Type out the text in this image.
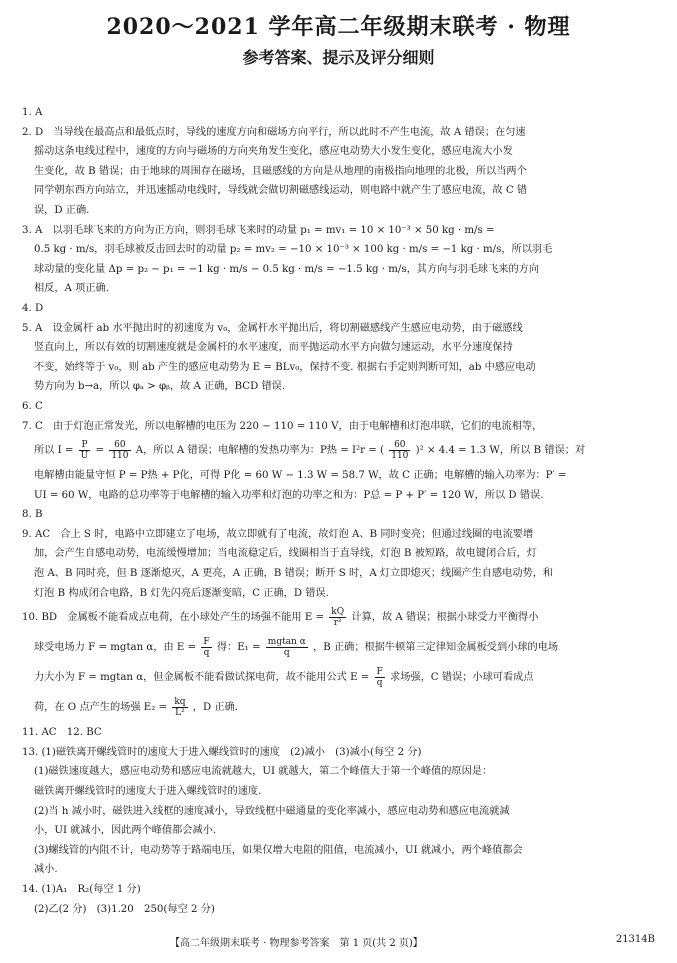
2020～2021 学年高二年级期末联考 · 物理
参考答案、提示及评分细则
1. A
2. D　当导线在最高点和最低点时，导线的速度方向和磁场方向平行，所以此时不产生电流，故 A 错误；在匀速
摇动这条电线过程中，速度的方向与磁场的方向夹角发生变化，感应电动势大小发生变化，感应电流大小发
生变化，故 B 错误；由于地球的周围存在磁场，且磁感线的方向是从地理的南极指向地理的北极，所以当两个
同学朝东西方向站立，并迅速摇动电线时，导线就会做切割磁感线运动，则电路中就产生了感应电流，故 C 错
误，D 正确.
3. A　以羽毛球飞来的方向为正方向，则羽毛球飞来时的动量 p₁ = mv₁ = 10 × 10⁻³ × 50 kg · m/s =
0.5 kg · m/s，羽毛球被反击回去时的动量 p₂ = mv₂ = −10 × 10⁻³ × 100 kg · m/s = −1 kg · m/s，所以羽毛
球动量的变化量 Δp = p₂ − p₁ = −1 kg · m/s − 0.5 kg · m/s = −1.5 kg · m/s，其方向与羽毛球飞来的方向
相反，A 项正确.
4. D
5. A　设金属杆 ab 水平抛出时的初速度为 v₀，金属杆水平抛出后，将切割磁感线产生感应电动势，由于磁感线
竖直向上，所以有效的切割速度就是金属杆的水平速度，而平抛运动水平方向做匀速运动，水平分速度保持
不变，始终等于 v₀，则 ab 产生的感应电动势为 E = BLv₀，保持不变. 根据右手定则判断可知，ab 中感应电动
势方向为 b→a，所以 φₐ > φᵦ，故 A 正确，BCD 错误.
6. C
7. C　由于灯泡正常发光，所以电解槽的电压为 220 − 110 = 110 V，由于电解槽和灯泡串联，它们的电流相等，
所以 $I = \frac{P}{U} = \frac{60}{110}$ A，所以 A 错误；电解槽的发热功率为：P热 = I²r = ( $\frac{60}{110} )^2 \times 4.4 = 1.3$ W，所以 B 错误；对
电解槽由能量守恒 P = P热 + P化，可得 P化 = 60 W − 1.3 W = 58.7 W，故 C 正确；电解槽的输入功率为：P′ =
UI = 60 W，电路的总功率等于电解槽的输入功率和灯泡的功率之和为：P总 = P + P′ = 120 W，所以 D 错误.
8. B
9. AC　合上 S 时，电路中立即建立了电场，故立即就有了电流，故灯泡 A、B 同时变亮；但通过线圈的电流要增
加，会产生自感电动势，电流缓慢增加；当电流稳定后，线圈相当于直导线，灯泡 B 被短路，故电键闭合后，灯
泡 A、B 同时亮，但 B 逐渐熄灭，A 更亮，A 正确，B 错误；断开 S 时，A 灯立即熄灭；线圈产生自感电动势，和
灯泡 B 构成闭合电路，B 灯先闪亮后逐渐变暗，C 正确，D 错误.
10. BD　金属板不能看成点电荷，在小球处产生的场强不能用 $E = \frac{kQ}{\text{r²}}$ 计算，故 A 错误；根据小球受力平衡得小
球受电场力 F = mgtan α，由 $E = \frac{F}{q}$ 得：$E_1 = \frac{\text{mgtan α}}{q}$ ，B 正确；根据牛顿第三定律知金属板受到小球的电场
力大小为 F = mgtan α，但金属板不能看做试探电荷，故不能用公式 $E = \frac{F}{q}$ 求场强，C 错误；小球可看成点
荷，在 O 点产生的场强 $E_2 = \frac{kq}{\text{L²}}$ ，D 正确.
11. AC　12. BC
13. (1)磁铁离开螺线管时的速度大于进入螺线管时的速度　(2)减小　(3)减小(每空 2 分)
(1)磁铁速度越大，感应电动势和感应电流就越大，UI 就越大，第二个峰值大于第一个峰值的原因是：
磁铁离开螺线管时的速度大于进入螺线管时的速度.
(2)当 h 减小时，磁铁进入线框的速度减小，导致线框中磁通量的变化率减小，感应电动势和感应电流就减
小，UI 就减小，因此两个峰值都会减小.
(3)螺线管的内阻不计，电动势等于路端电压，如果仅增大电阻的阻值，电流减小，UI 就减小，两个峰值都会
减小.
14. (1)A₁　R₂(每空 1 分)
(2)乙(2 分)　(3)1.20　250(每空 2 分)
【高二年级期末联考 · 物理参考答案　第 1 页(共 2 页)】	21314B
